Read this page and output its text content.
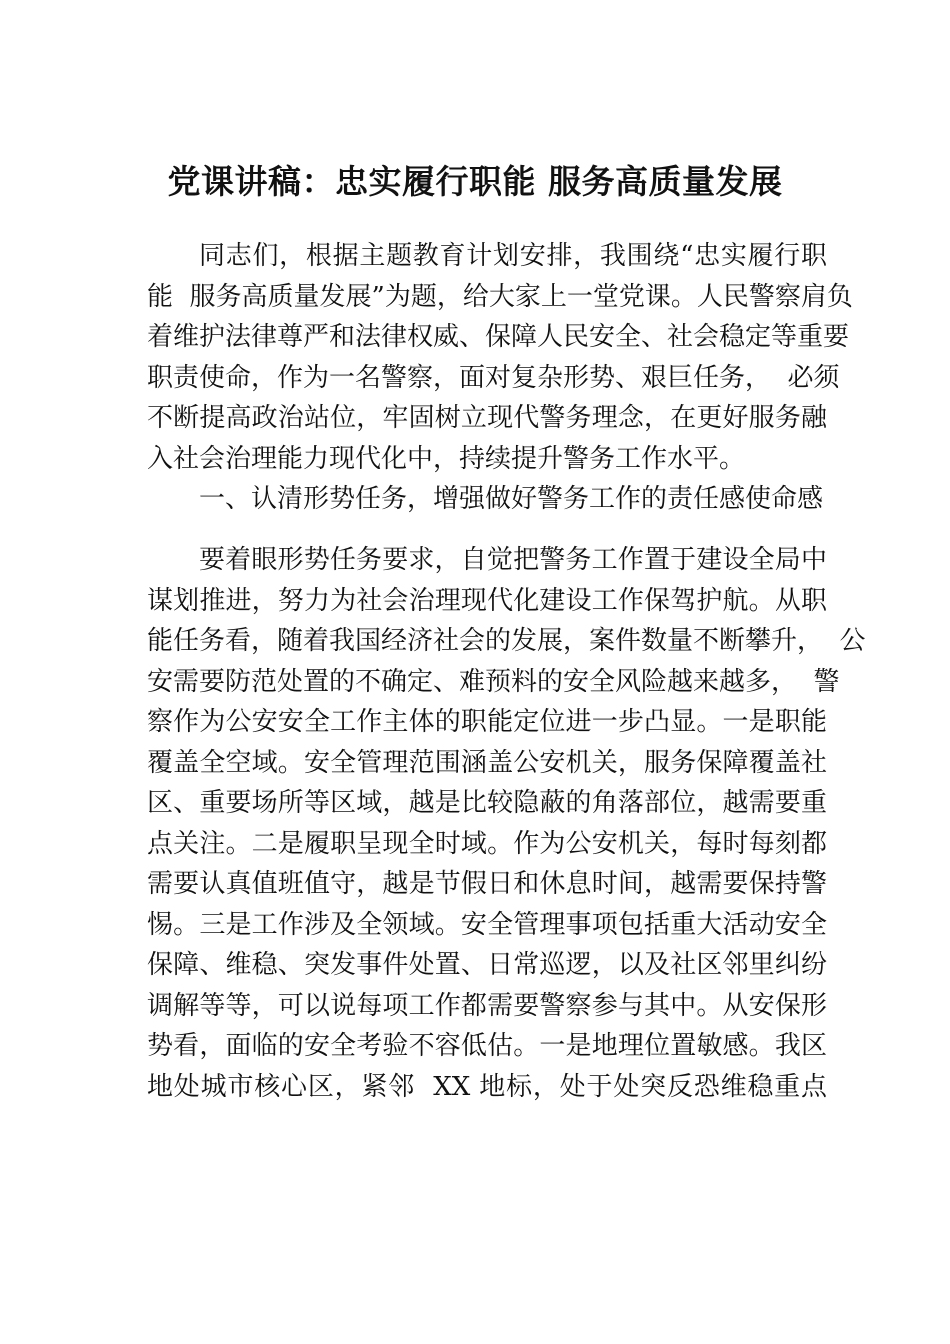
党课讲稿：忠实履行职能 服务高质量发展
同志们，根据主题教育计划安排，我围绕“忠实履行职
能  服务高质量发展”为题，给大家上一堂党课。人民警察肩负
着维护法律尊严和法律权威、保障人民安全、社会稳定等重要
职责使命，作为一名警察，面对复杂形势、艰巨任务，  必须
不断提高政治站位，牢固树立现代警务理念，在更好服务融
入社会治理能力现代化中，持续提升警务工作水平。
一、认清形势任务，增强做好警务工作的责任感使命感
要着眼形势任务要求，自觉把警务工作置于建设全局中
谋划推进，努力为社会治理现代化建设工作保驾护航。从职
能任务看，随着我国经济社会的发展，案件数量不断攀升，  公
安需要防范处置的不确定、难预料的安全风险越来越多，  警
察作为公安安全工作主体的职能定位进一步凸显。一是职能
覆盖全空域。安全管理范围涵盖公安机关，服务保障覆盖社
区、重要场所等区域，越是比较隐蔽的角落部位，越需要重
点关注。二是履职呈现全时域。作为公安机关，每时每刻都
需要认真值班值守，越是节假日和休息时间，越需要保持警
惕。三是工作涉及全领域。安全管理事项包括重大活动安全
保障、维稳、突发事件处置、日常巡逻，以及社区邻里纠纷
调解等等，可以说每项工作都需要警察参与其中。从安保形
势看，面临的安全考验不容低估。一是地理位置敏感。我区
地处城市核心区，紧邻  XX 地标，处于处突反恐维稳重点
